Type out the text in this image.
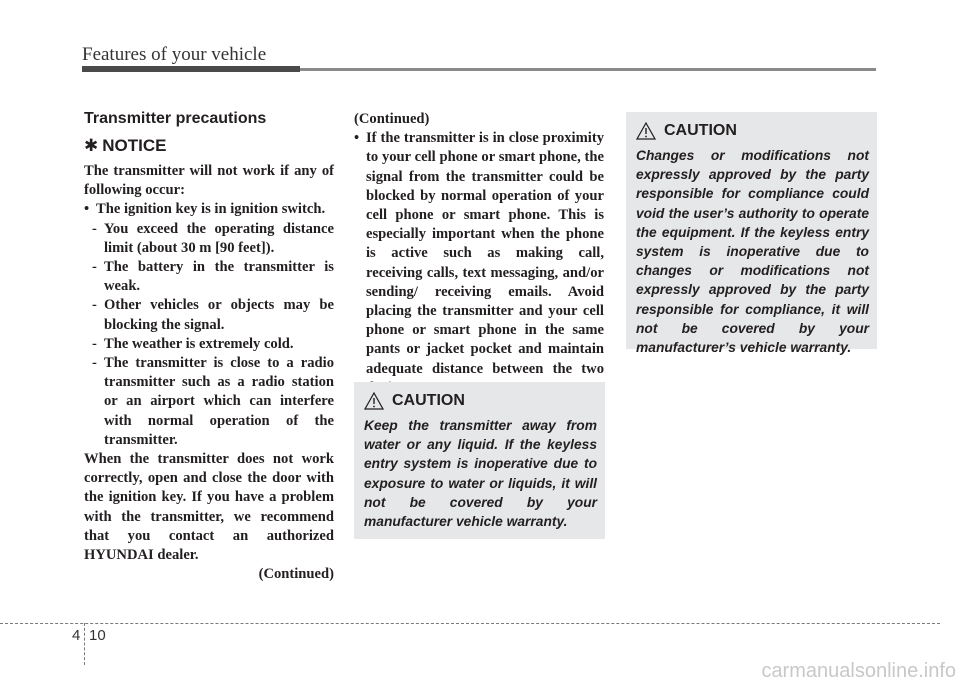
Features of your vehicle
Transmitter precautions
✱ NOTICE

The transmitter will not work if any of following occur:

• The ignition key is in ignition switch.
- You exceed the operating distance limit (about 30 m [90 feet]).
- The battery in the transmitter is weak.
- Other vehicles or objects may be blocking the signal.
- The weather is extremely cold.
- The transmitter is close to a radio transmitter such as a radio station or an airport which can interfere with normal operation of the transmitter.

When the transmitter does not work correctly, open and close the door with the ignition key. If you have a problem with the transmitter, we recommend that you contact an authorized HYUNDAI dealer.

(Continued)

(Continued)

• If the transmitter is in close proximity to your cell phone or smart phone, the signal from the transmitter could be blocked by normal operation of your cell phone or smart phone. This is especially important when the phone is active such as making call, receiving calls, text messaging, and/or sending/ receiving emails. Avoid placing the transmitter and your cell phone or smart phone in the same pants or jacket pocket and maintain adequate distance between the two
CAUTION

Keep the transmitter away from water or any liquid. If the keyless entry system is inoperative due to exposure to water or liquids, it will not be covered by your manufacturer vehicle warranty.

CAUTION

Changes or modifications not expressly approved by the party responsible for compliance could void the user’s authority to operate the equipment. If the keyless entry system is inoperative due to changes or modifications not expressly approved by the party responsible for compliance, it will not be covered by your manufacturer’s vehicle warranty.

4 10
carmanualsonline.info
